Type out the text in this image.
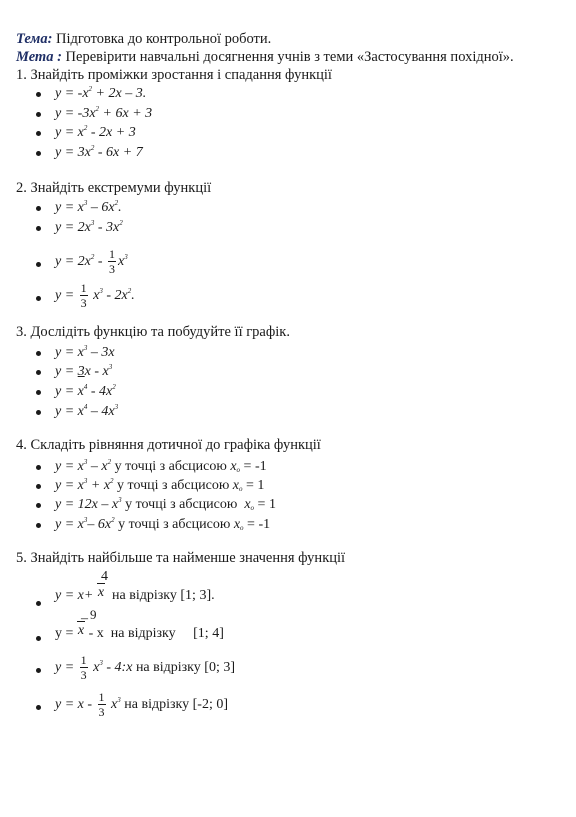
Тема: Підготовка до контрольної роботи.
Мета : Перевірити навчальні досягнення учнів з теми «Застосування похідної».
1. Знайдіть проміжки зростання і спадання функції
$y = -x^2 + 2x - 3$.
$y = -3x^2 + 6x + 3$
$y = x^2 - 2x + 3$
$y = 3x^2 - 6x + 7$
2. Знайдіть екстремуми функції
$y = x^3 - 6x^2$.
$y = 2x^3 - 3x^2$
$y = 2x^2 - \frac{1}{3} x^3$
$y = \frac{1}{3} x^3 - 2x^2$.
3. Дослідіть функцію та побудуйте її графік.
$y = x^3 - 3x$
$y = 3x - x^3$
$y = x^4 - 4x^2$
$y = x^4 - 4x^3$
4. Складіть рівняння дотичної до графіка функції
$y = x^3 - x^2$ у точці з абсцисою $x_o = -1$
$y = x^3 + x^2$ у точці з абсцисою $x_o = 1$
$y = 12x - x^3$ у точці з абсцисою  $x_o = 1$
$y = x^3-$ $6x^2$ у точці з абсцисою $x_o = -1$
5. Знайдіть найбільше та найменше значення функції
y = x+
4
x  на відрізку [1; 3].
y =
– 9
x - x  на відрізку     [1; 4]
$y = \frac{1}{3} x^3$ - 4:x на відрізку [0; 3]
$y = x - \frac{1}{3} x^3$ на відрізку [-2; 0]
